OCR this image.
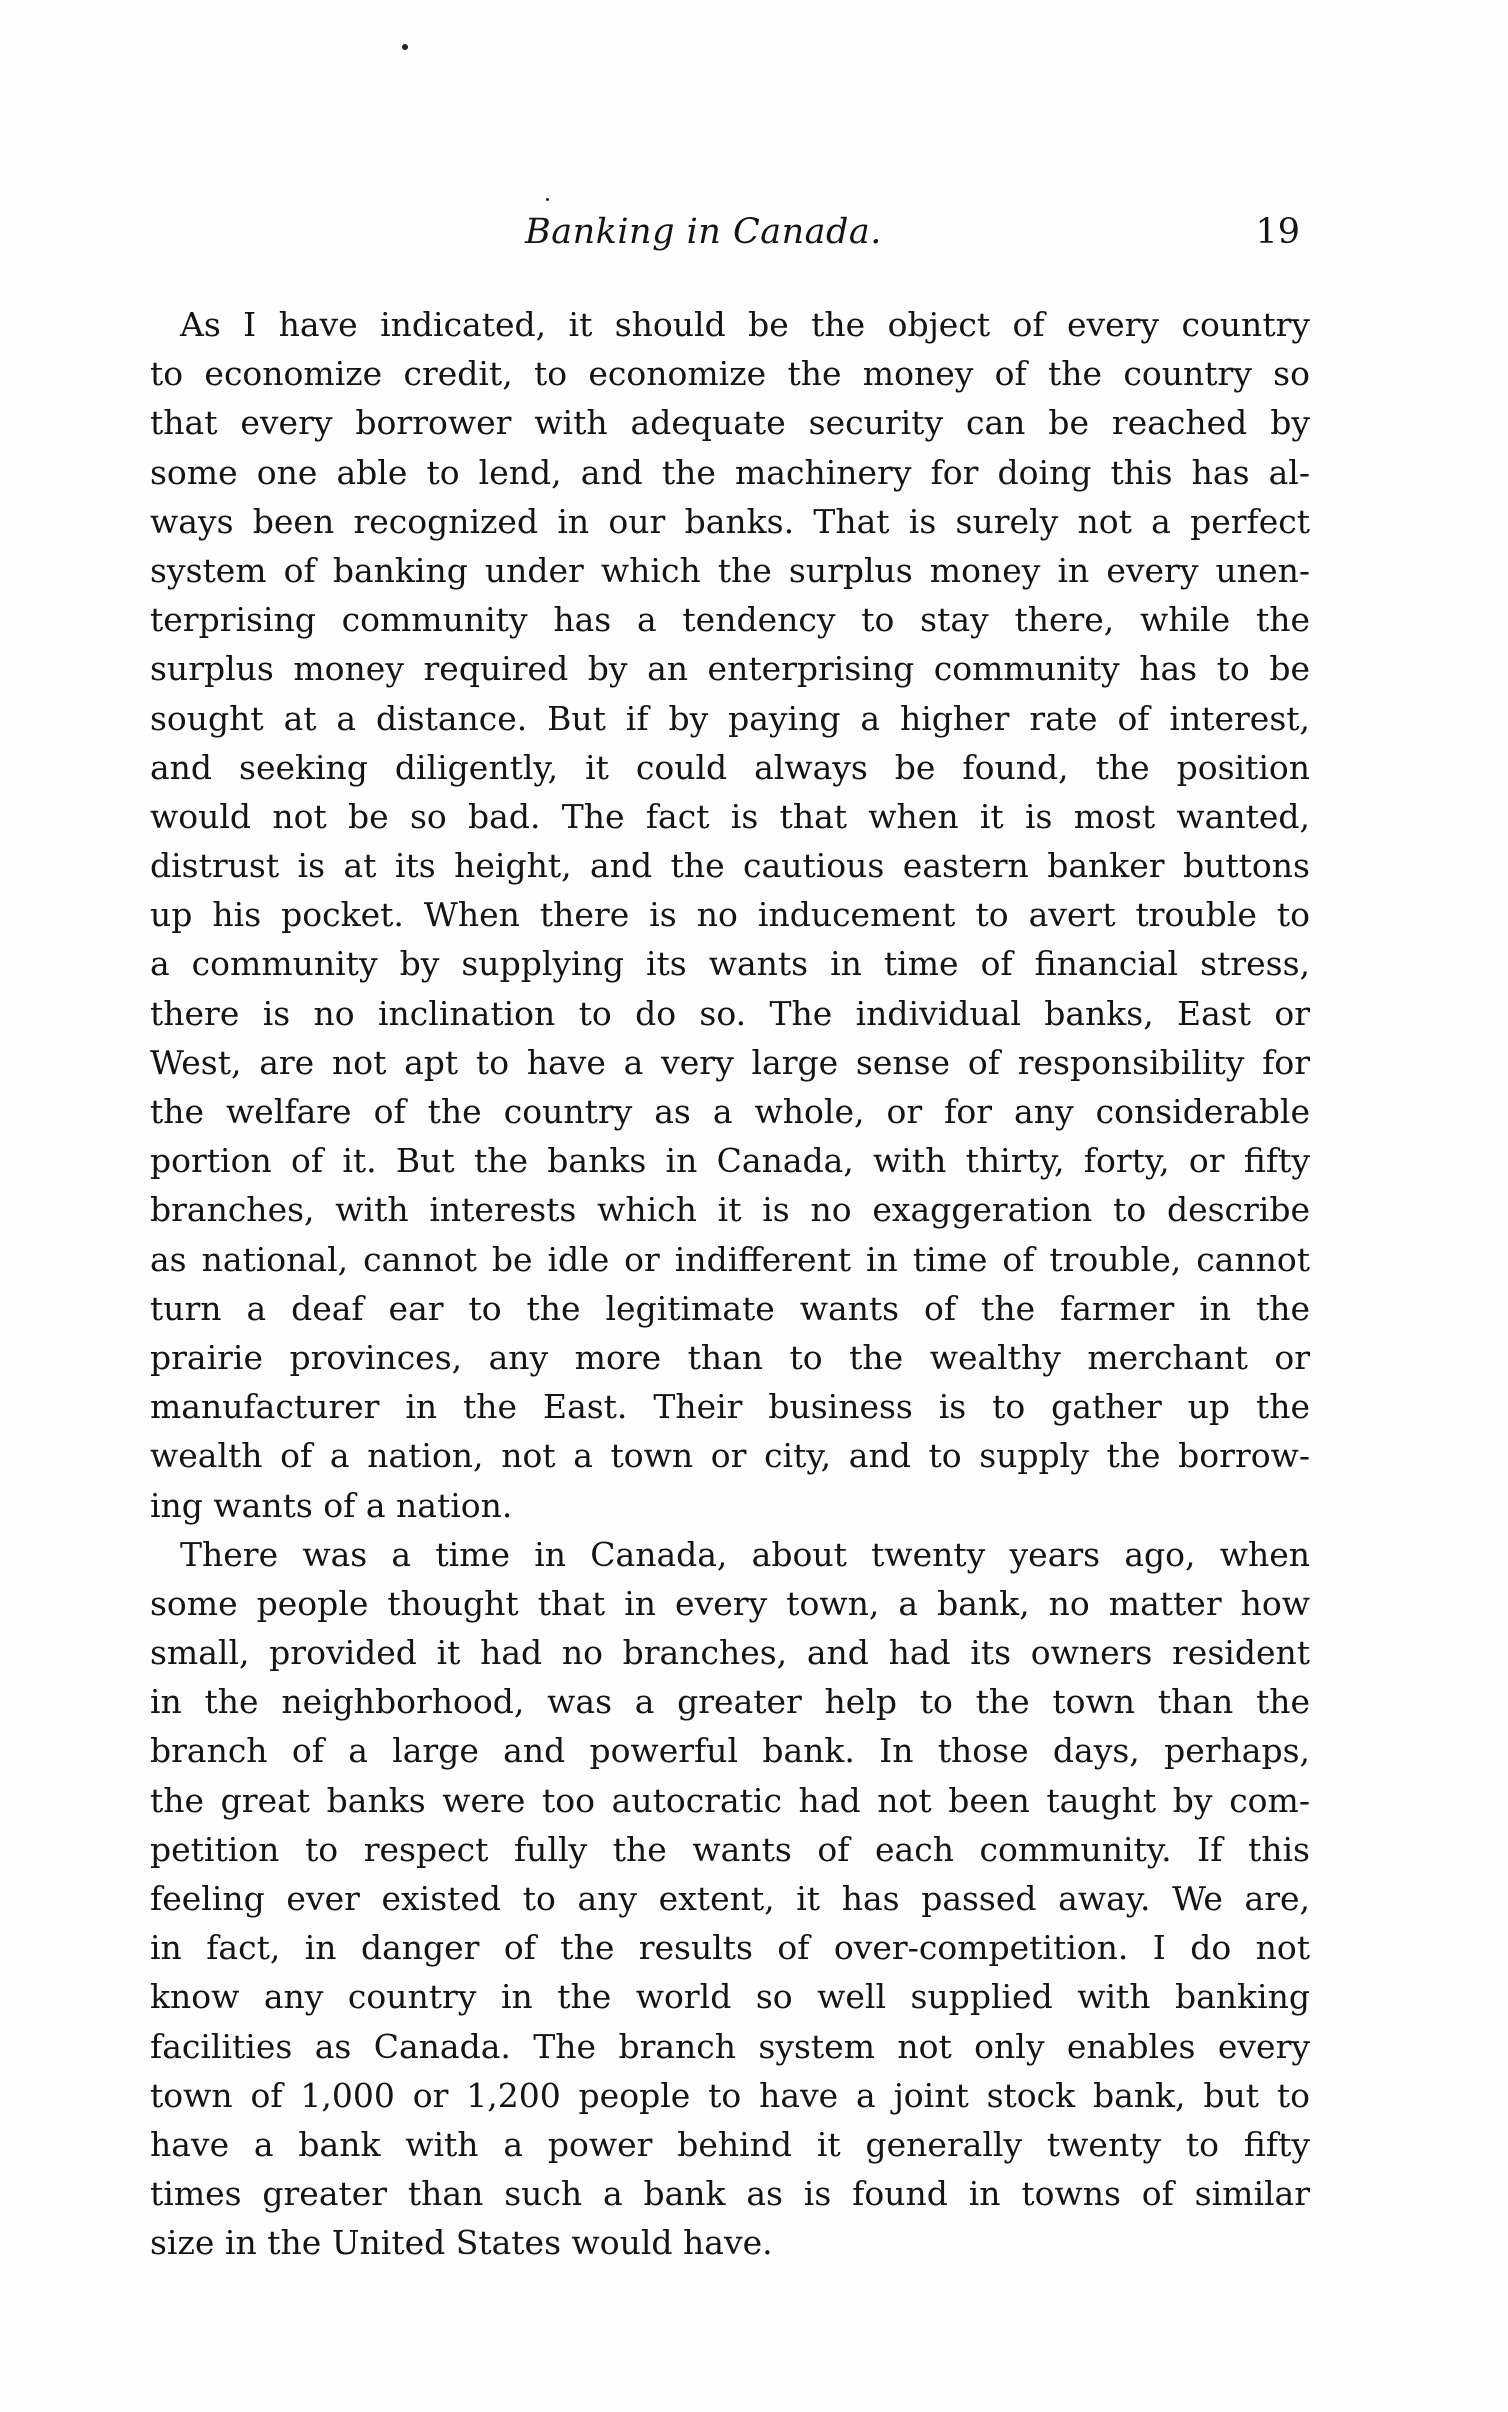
Banking in Canada.	19
As I have indicated, it should be the object of every country
to economize credit, to economize the money of the country so
that every borrower with adequate security can be reached by
some one able to lend, and the machinery for doing this has al-
ways been recognized in our banks. That is surely not a perfect
system of banking under which the surplus money in every unen-
terprising community has a tendency to stay there, while the
surplus money required by an enterprising community has to be
sought at a distance. But if by paying a higher rate of interest,
and seeking diligently, it could always be found, the position
would not be so bad. The fact is that when it is most wanted,
distrust is at its height, and the cautious eastern banker buttons
up his pocket. When there is no inducement to avert trouble to
a community by supplying its wants in time of financial stress,
there is no inclination to do so. The individual banks, East or
West, are not apt to have a very large sense of responsibility for
the welfare of the country as a whole, or for any considerable
portion of it. But the banks in Canada, with thirty, forty, or fifty
branches, with interests which it is no exaggeration to describe
as national, cannot be idle or indifferent in time of trouble, cannot
turn a deaf ear to the legitimate wants of the farmer in the
prairie provinces, any more than to the wealthy merchant or
manufacturer in the East. Their business is to gather up the
wealth of a nation, not a town or city, and to supply the borrow-
ing wants of a nation.
There was a time in Canada, about twenty years ago, when
some people thought that in every town, a bank, no matter how
small, provided it had no branches, and had its owners resident
in the neighborhood, was a greater help to the town than the
branch of a large and powerful bank. In those days, perhaps,
the great banks were too autocratic had not been taught by com-
petition to respect fully the wants of each community. If this
feeling ever existed to any extent, it has passed away. We are,
in fact, in danger of the results of over-competition. I do not
know any country in the world so well supplied with banking
facilities as Canada. The branch system not only enables every
town of 1,000 or 1,200 people to have a joint stock bank, but to
have a bank with a power behind it generally twenty to fifty
times greater than such a bank as is found in towns of similar
size in the United States would have.
